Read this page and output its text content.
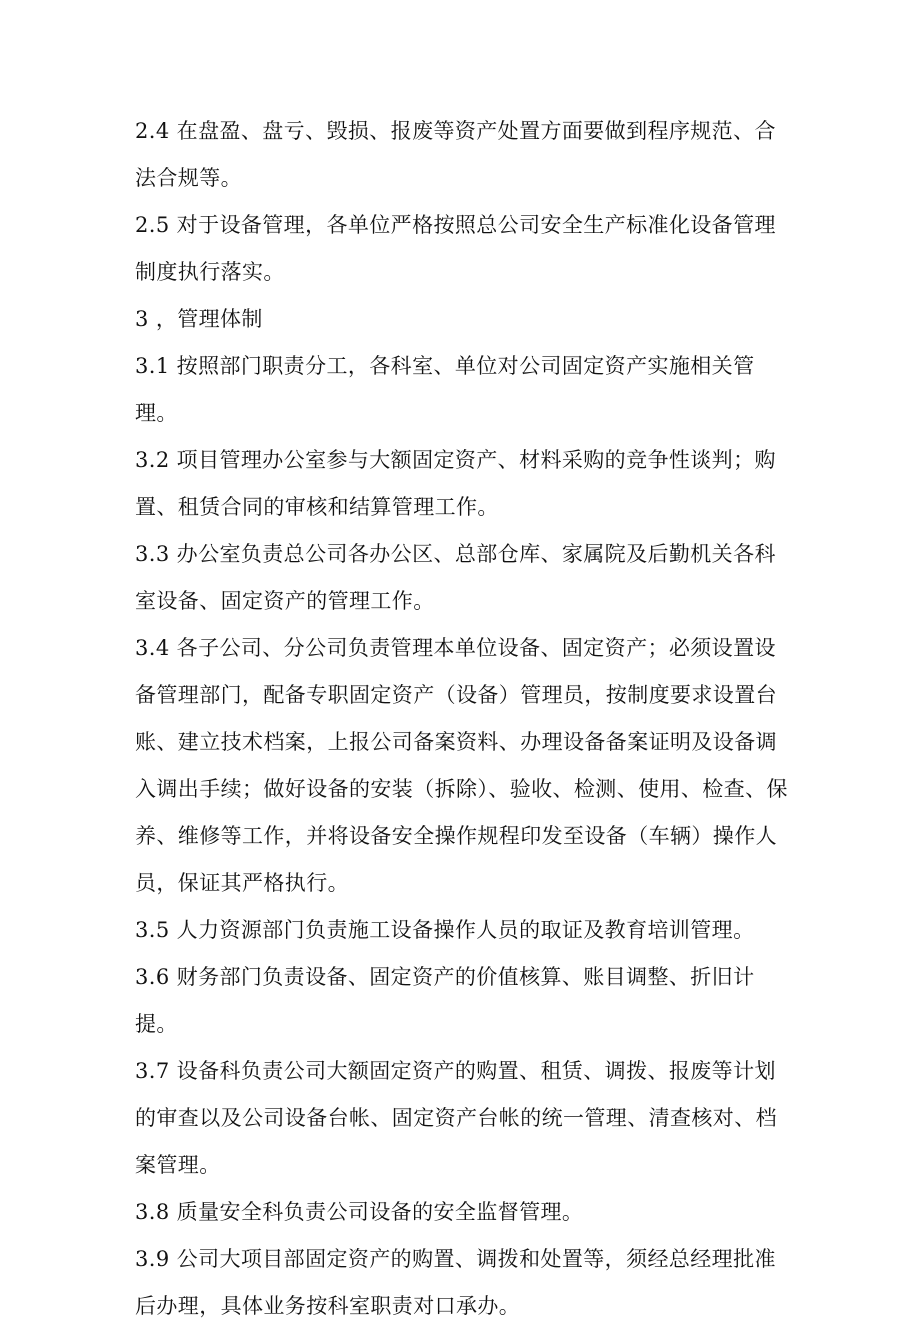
2.4 在盘盈、盘亏、毁损、报废等资产处置方面要做到程序规范、合法合规等。

2.5 对于设备管理，各单位严格按照总公司安全生产标准化设备管理制度执行落实。

3 ，管理体制

3.1 按照部门职责分工，各科室、单位对公司固定资产实施相关管理。

3.2 项目管理办公室参与大额固定资产、材料采购的竞争性谈判；购置、租赁合同的审核和结算管理工作。

3.3 办公室负责总公司各办公区、总部仓库、家属院及后勤机关各科室设备、固定资产的管理工作。

3.4 各子公司、分公司负责管理本单位设备、固定资产；必须设置设备管理部门，配备专职固定资产（设备）管理员，按制度要求设置台账、建立技术档案，上报公司备案资料、办理设备备案证明及设备调入调出手续；做好设备的安装（拆除）、验收、检测、使用、检查、保养、维修等工作，并将设备安全操作规程印发至设备（车辆）操作人员，保证其严格执行。

3.5 人力资源部门负责施工设备操作人员的取证及教育培训管理。

3.6 财务部门负责设备、固定资产的价值核算、账目调整、折旧计提。

3.7 设备科负责公司大额固定资产的购置、租赁、调拨、报废等计划的审查以及公司设备台帐、固定资产台帐的统一管理、清查核对、档案管理。

3.8 质量安全科负责公司设备的安全监督管理。

3.9 公司大项目部固定资产的购置、调拨和处置等，须经总经理批准后办理，具体业务按科室职责对口承办。
